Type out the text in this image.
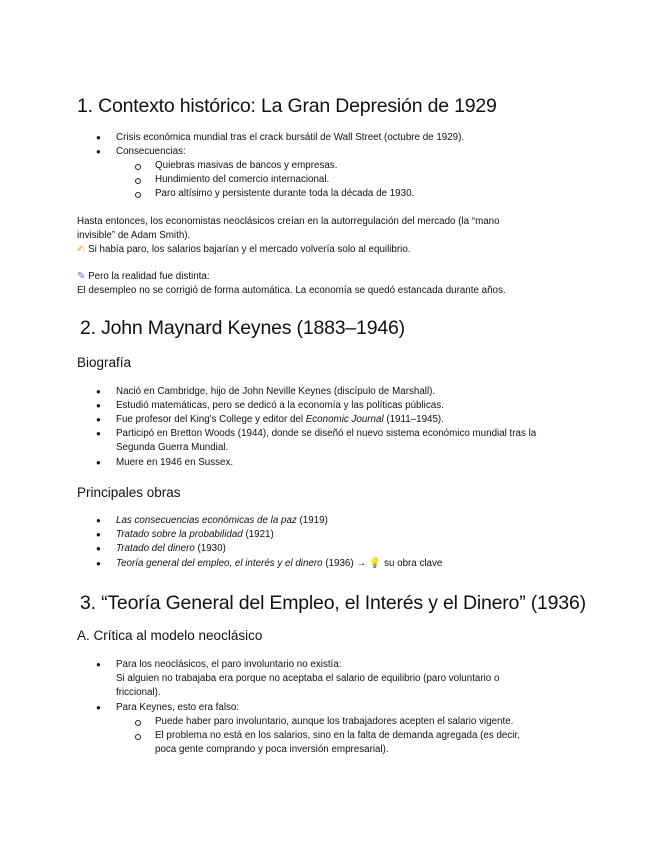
1. Contexto histórico: La Gran Depresión de 1929
● Crisis económica mundial tras el crack bursátil de Wall Street (octubre de 1929).
● Consecuencias:
Quiebras masivas de bancos y empresas.
Hundimiento del comercio internacional.
Paro altísimo y persistente durante toda la década de 1930.
Hasta entonces, los economistas neoclásicos creían en la autorregulación del mercado (la “mano
invisible” de Adam Smith).
✍ Si había paro, los salarios bajarían y el mercado volvería solo al equilibrio.
✎ Pero la realidad fue distinta:
El desempleo no se corrigió de forma automática. La economía se quedó estancada durante años.
2. John Maynard Keynes (1883–1946)
Biografía
● Nació en Cambridge, hijo de John Neville Keynes (discípulo de Marshall).
● Estudió matemáticas, pero se dedicó a la economía y las políticas públicas.
● Fue profesor del King's College y editor del Economic Journal (1911–1945).
● Participó en Bretton Woods (1944), donde se diseñó el nuevo sistema económico mundial tras la
Segunda Guerra Mundial.
● Muere en 1946 en Sussex.
Principales obras
● Las consecuencias económicas de la paz (1919)
● Tratado sobre la probabilidad (1921)
● Tratado del dinero (1930)
● Teoría general del empleo, el interés y el dinero (1936) → 💡 su obra clave
3. “Teoría General del Empleo, el Interés y el Dinero” (1936)
A. Crítica al modelo neoclásico
● Para los neoclásicos, el paro involuntario no existía:
Si alguien no trabajaba era porque no aceptaba el salario de equilibrio (paro voluntario o
friccional).
● Para Keynes, esto era falso:
Puede haber paro involuntario, aunque los trabajadores acepten el salario vigente.
El problema no está en los salarios, sino en la falta de demanda agregada (es decir,
poca gente comprando y poca inversión empresarial).
